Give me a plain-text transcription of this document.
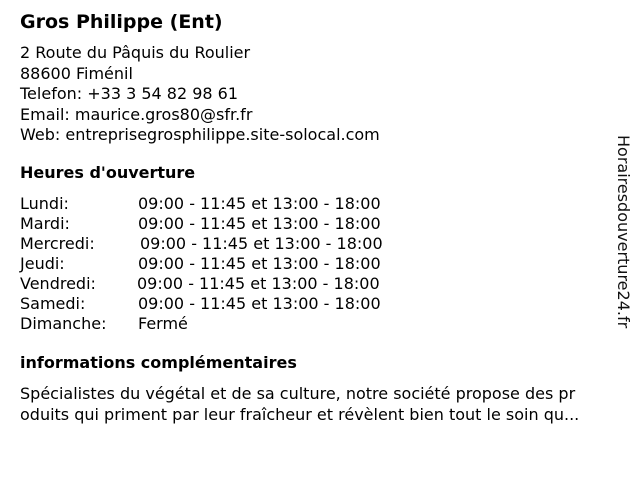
Gros Philippe (Ent)
2 Route du Pâquis du Roulier
88600 Fiménil
Telefon: +33 3 54 82 98 61
Email: maurice.gros80@sfr.fr
Web: entreprisegrosphilippe.site-solocal.com
Heures d'ouverture
Lundi:	09:00 - 11:45 et 13:00 - 18:00
Mardi:	09:00 - 11:45 et 13:00 - 18:00
Mercredi:	09:00 - 11:45 et 13:00 - 18:00
Jeudi:	09:00 - 11:45 et 13:00 - 18:00
Vendredi:	09:00 - 11:45 et 13:00 - 18:00
Samedi:	09:00 - 11:45 et 13:00 - 18:00
Dimanche: Fermé
informations complémentaires
Spécialistes du végétal et de sa culture, notre société propose des pr
oduits qui priment par leur fraîcheur et révèlent bien tout le soin qu...
Horairesdouverture24.fr
